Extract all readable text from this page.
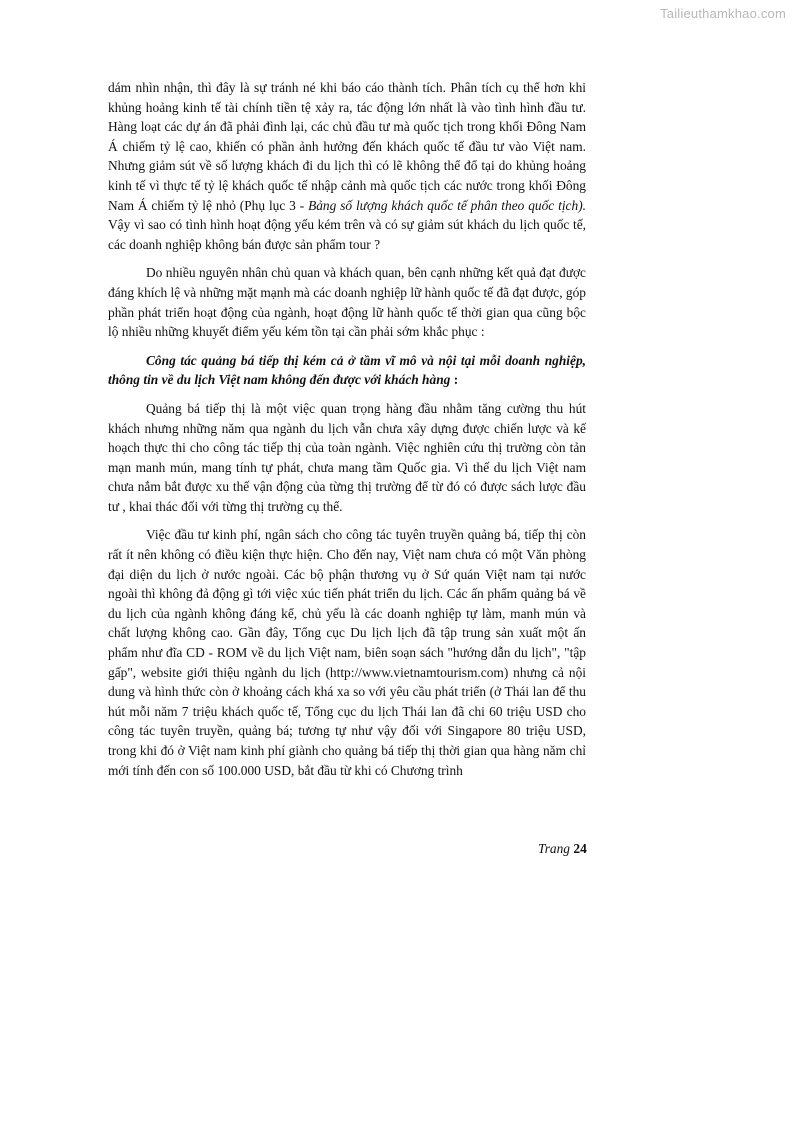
Tailieuthamkhao.com

dám nhìn nhận, thì đây là sự tránh né khi báo cáo thành tích. Phân tích cụ thể hơn khi khủng hoảng kinh tế tài chính tiền tệ xảy ra, tác động lớn nhất là vào tình hình đầu tư. Hàng loạt các dự án đã phải đình lại, các chủ đầu tư mà quốc tịch trong khối Đông Nam Á chiếm tỷ lệ cao, khiến có phần ảnh hưởng đến khách quốc tế đầu tư vào Việt nam. Nhưng giảm sút về số lượng khách đi du lịch thì có lẽ không thể đổ tại do khủng hoảng kinh tế vì thực tế tỷ lệ khách quốc tế nhập cảnh mà quốc tịch các nước trong khối Đông Nam Á chiếm tỷ lệ nhỏ (Phụ lục 3 - Bảng số lượng khách quốc tế phân theo quốc tịch). Vậy vì sao có tình hình hoạt động yếu kém trên và có sự giảm sút khách du lịch quốc tế, các doanh nghiệp không bán được sản phẩm tour ?

Do nhiều nguyên nhân chủ quan và khách quan, bên cạnh những kết quả đạt được đáng khích lệ và những mặt mạnh mà các doanh nghiệp lữ hành quốc tế đã đạt được, góp phần phát triển hoạt động của ngành, hoạt động lữ hành quốc tế thời gian qua cũng bộc lộ nhiều những khuyết điểm yếu kém tồn tại cần phải sớm khắc phục :

Công tác quảng bá tiếp thị kém cả ở tầm vĩ mô và nội tại mỗi doanh nghiệp, thông tin về du lịch Việt nam không đến được với khách hàng :

Quảng bá tiếp thị là một việc quan trọng hàng đầu nhằm tăng cường thu hút khách nhưng những năm qua ngành du lịch vẫn chưa xây dựng được chiến lược và kế hoạch thực thi cho công tác tiếp thị của toàn ngành. Việc nghiên cứu thị trường còn tản mạn manh mún, mang tính tự phát, chưa mang tầm Quốc gia. Vì thế du lịch Việt nam chưa nắm bắt được xu thế vận động của từng thị trường để từ đó có được sách lược đầu tư , khai thác đối với từng thị trường cụ thể.

Việc đầu tư kinh phí, ngân sách cho công tác tuyên truyền quảng bá, tiếp thị còn rất ít nên không có điều kiện thực hiện. Cho đến nay, Việt nam chưa có một Văn phòng đại diện du lịch ở nước ngoài. Các bộ phận thương vụ ở Sứ quán Việt nam tại nước ngoài thì không đả động gì tới việc xúc tiến phát triển du lịch. Các ấn phẩm quảng bá về du lịch của ngành không đáng kể, chủ yếu là các doanh nghiệp tự làm, manh mún và chất lượng không cao. Gần đây, Tổng cục Du lịch lịch đã tập trung sản xuất một ấn phẩm như đĩa CD - ROM về du lịch Việt nam, biên soạn sách "hướng dẫn du lịch", "tập gấp", website giới thiệu ngành du lịch (http://www.vietnamtourism.com) nhưng cả nội dung và hình thức còn ở khoảng cách khá xa so với yêu cầu phát triển (ở Thái lan để thu hút mỗi năm 7 triệu khách quốc tế, Tổng cục du lịch Thái lan đã chi 60 triệu USD cho công tác tuyên truyền, quảng bá; tương tự như vậy đối với Singapore 80 triệu USD, trong khi đó ở Việt nam kinh phí giành cho quảng bá tiếp thị thời gian qua hàng năm chỉ mới tính đến con số 100.000 USD, bắt đầu từ khi có Chương trình

Trang 24
